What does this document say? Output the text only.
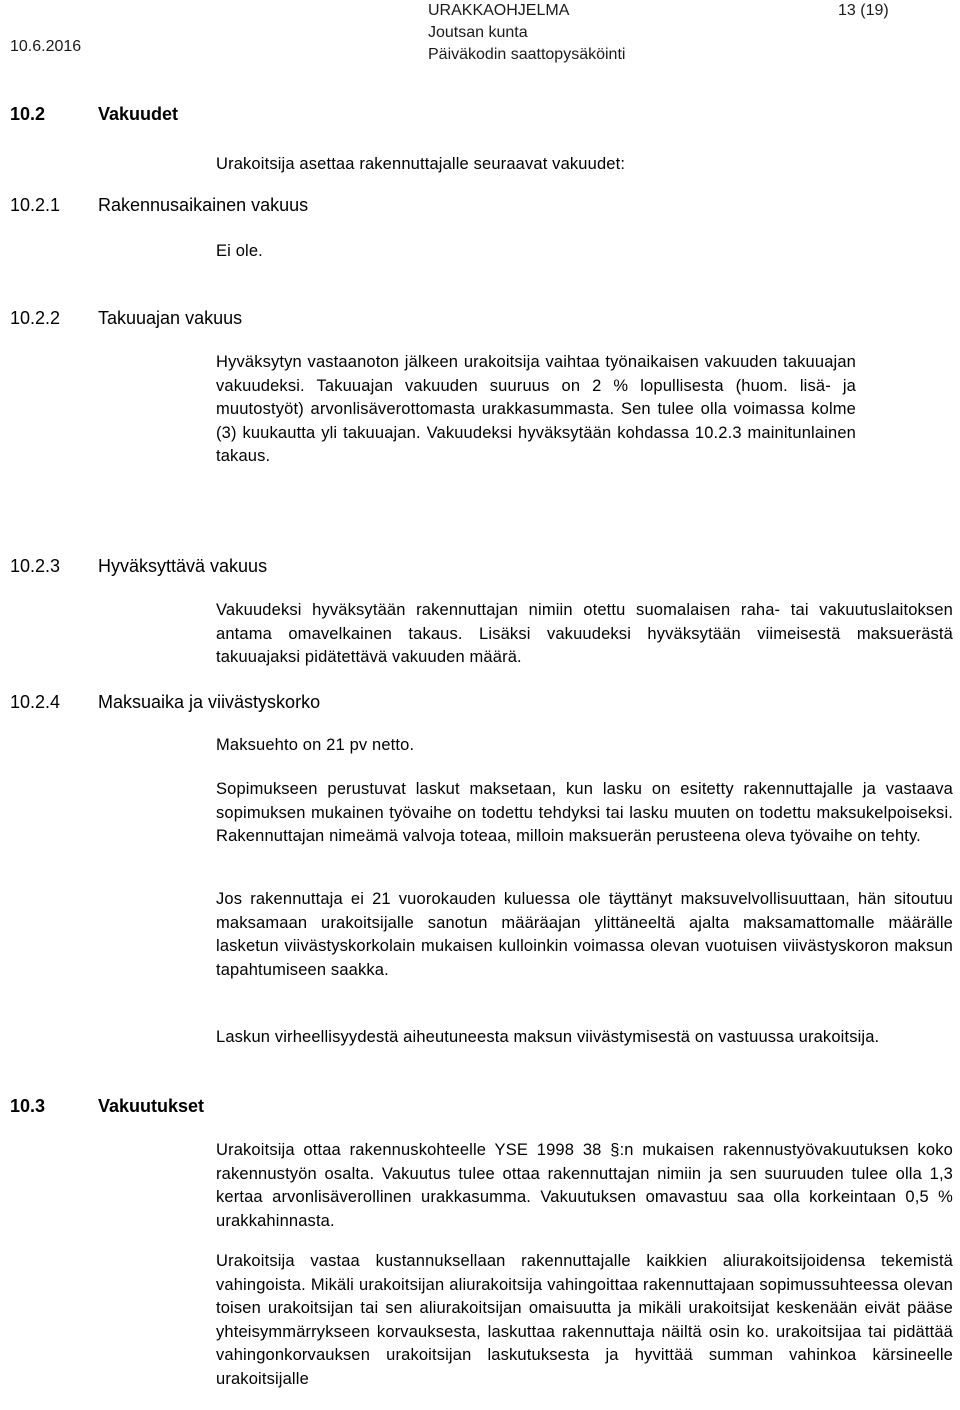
10.6.2016
URAKKAOHJELMA
Joutsan kunta
Päiväkodin saattopysäköinti
13 (19)
10.2	Vakuudet

Urakoitsija asettaa rakennuttajalle seuraavat vakuudet:

10.2.1 Rakennusaikainen vakuus

Ei ole.

10.2.2 Takuuajan vakuus

Hyväksytyn vastaanoton jälkeen urakoitsija vaihtaa työnaikaisen vakuuden takuuajan vakuudeksi. Takuuajan vakuuden suuruus on 2 % lopullisesta (huom. lisä- ja muutostyöt) arvonlisäverottomasta urakkasummasta. Sen tulee olla voimassa kolme (3) kuukautta yli takuuajan. Vakuudeksi hyväksytään kohdassa 10.2.3 mainitunlainen takaus.

10.2.3 Hyväksyttävä vakuus

Vakuudeksi hyväksytään rakennuttajan nimiin otettu suomalaisen raha- tai vakuutuslaitoksen antama omavelkainen takaus. Lisäksi vakuudeksi hyväksytään viimeisestä maksuerästä takuuajaksi pidätettävä vakuuden määrä.

10.2.4 Maksuaika ja viivästyskorko

Maksuehto on 21 pv netto.

Sopimukseen perustuvat laskut maksetaan, kun lasku on esitetty rakennuttajalle ja vastaava sopimuksen mukainen työvaihe on todettu tehdyksi tai lasku muuten on todettu maksukelpoiseksi. Rakennuttajan nimeämä valvoja toteaa, milloin maksuerän perusteena oleva työvaihe on tehty.

Jos rakennuttaja ei 21 vuorokauden kuluessa ole täyttänyt maksuvelvollisuuttaan, hän sitoutuu maksamaan urakoitsijalle sanotun määräajan ylittäneeltä ajalta maksamattomalle määrälle lasketun viivästyskorkolain mukaisen kulloinkin voimassa olevan vuotuisen viivästyskoron maksun tapahtumiseen saakka.

Laskun virheellisyydestä aiheutuneesta maksun viivästymisestä on vastuussa urakoitsija.

10.3	Vakuutukset

Urakoitsija ottaa rakennuskohteelle YSE 1998 38 §:n mukaisen rakennustyövakuutuksen koko rakennustyön osalta. Vakuutus tulee ottaa rakennuttajan nimiin ja sen suuruuden tulee olla 1,3 kertaa arvonlisäverollinen urakkasumma. Vakuutuksen omavastuu saa olla korkeintaan 0,5 % urakkahinnasta.

Urakoitsija vastaa kustannuksellaan rakennuttajalle kaikkien aliurakoitsijoidensa tekemistä vahingoista. Mikäli urakoitsijan aliurakoitsija vahingoittaa rakennuttajaan sopimussuhteessa olevan toisen urakoitsijan tai sen aliurakoitsijan omaisuutta ja mikäli urakoitsijat keskenään eivät pääse yhteisymmärrykseen korvauksesta, laskuttaa rakennuttaja näiltä osin ko. urakoitsijaa tai pidättää vahingonkorvauksen urakoitsijan laskutuksesta ja hyvittää summan vahinkoa kärsineelle urakoitsijalle
